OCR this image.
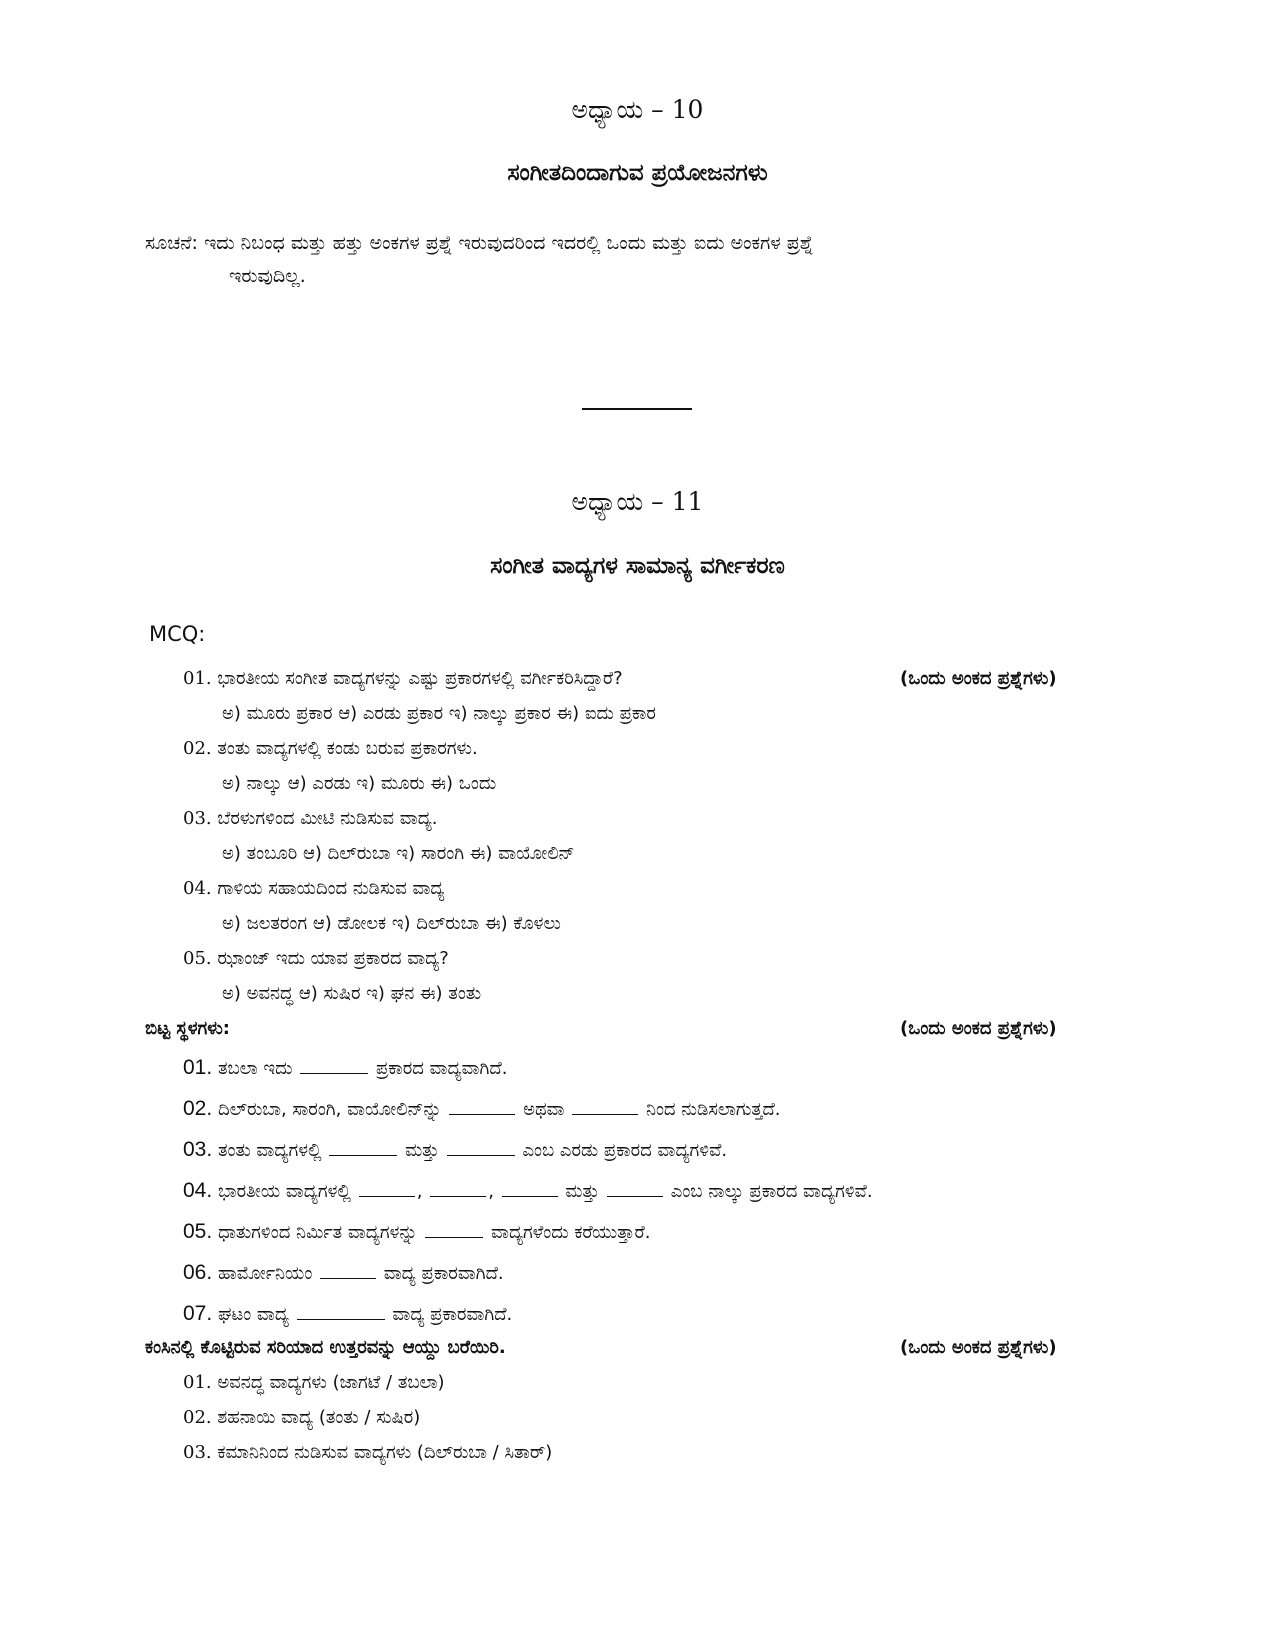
ಅಧ್ಯಾಯ – 10
ಸಂಗೀತದಿಂದಾಗುವ ಪ್ರಯೋಜನಗಳು
ಸೂಚನೆ: ಇದು ನಿಬಂಧ ಮತ್ತು ಹತ್ತು ಅಂಕಗಳ ಪ್ರಶ್ನೆ ಇರುವುದರಿಂದ ಇದರಲ್ಲಿ ಒಂದು ಮತ್ತು ಐದು ಅಂಕಗಳ ಪ್ರಶ್ನೆ
ಇರುವುದಿಲ್ಲ.
ಅಧ್ಯಾಯ – 11
ಸಂಗೀತ ವಾದ್ಯಗಳ ಸಾಮಾನ್ಯ ವರ್ಗೀಕರಣ
MCQ:
01. ಭಾರತೀಯ ಸಂಗೀತ ವಾದ್ಯಗಳನ್ನು ಎಷ್ಟು ಪ್ರಕಾರಗಳಲ್ಲಿ ವರ್ಗೀಕರಿಸಿದ್ದಾರೆ?	(ಒಂದು ಅಂಕದ ಪ್ರಶ್ನೆಗಳು)
ಅ) ಮೂರು ಪ್ರಕಾರ ಆ) ಎರಡು ಪ್ರಕಾರ ಇ) ನಾಲ್ಕು ಪ್ರಕಾರ ಈ) ಐದು ಪ್ರಕಾರ
02. ತಂತು ವಾದ್ಯಗಳಲ್ಲಿ ಕಂಡು ಬರುವ ಪ್ರಕಾರಗಳು.
ಅ) ನಾಲ್ಕು ಆ) ಎರಡು ಇ) ಮೂರು ಈ) ಒಂದು
03. ಬೆರಳುಗಳಿಂದ ಮೀಟಿ ನುಡಿಸುವ ವಾದ್ಯ.
ಅ) ತಂಬೂರಿ ಆ) ದಿಲ್‌ರುಬಾ ಇ) ಸಾರಂಗಿ ಈ) ವಾಯೋಲಿನ್
04. ಗಾಳಿಯ ಸಹಾಯದಿಂದ ನುಡಿಸುವ ವಾದ್ಯ
ಅ) ಜಲತರಂಗ ಆ) ಡೋಲಕ ಇ) ದಿಲ್‌ರುಬಾ ಈ) ಕೊಳಲು
05. ಝಾಂಜ್ ಇದು ಯಾವ ಪ್ರಕಾರದ ವಾದ್ಯ?
ಅ) ಅವನದ್ಧ ಆ) ಸುಷಿರ ಇ) ಘನ ಈ) ತಂತು
ಬಿಟ್ಟ ಸ್ಥಳಗಳು:	(ಒಂದು ಅಂಕದ ಪ್ರಶ್ನೆಗಳು)
01. ತಬಲಾ ಇದು	ಪ್ರಕಾರದ ವಾದ್ಯವಾಗಿದೆ.
02. ದಿಲ್‌ರುಬಾ, ಸಾರಂಗಿ, ವಾಯೋಲಿನ್‌ನ್ನು	ಅಥವಾ	ನಿಂದ ನುಡಿಸಲಾಗುತ್ತದೆ.
03. ತಂತು ವಾದ್ಯಗಳಲ್ಲಿ	ಮತ್ತು	ಎಂಬ ಎರಡು ಪ್ರಕಾರದ ವಾದ್ಯಗಳಿವೆ.
04. ಭಾರತೀಯ ವಾದ್ಯಗಳಲ್ಲಿ	,	,	ಮತ್ತು	ಎಂಬ ನಾಲ್ಕು ಪ್ರಕಾರದ ವಾದ್ಯಗಳಿವೆ.
05. ಧಾತುಗಳಿಂದ ನಿರ್ಮಿತ ವಾದ್ಯಗಳನ್ನು	ವಾದ್ಯಗಳೆಂದು ಕರೆಯುತ್ತಾರೆ.
06. ಹಾರ್ಮೋನಿಯಂ	ವಾದ್ಯ ಪ್ರಕಾರವಾಗಿದೆ.
07. ಘಟಂ ವಾದ್ಯ	ವಾದ್ಯ ಪ್ರಕಾರವಾಗಿದೆ.
ಕಂಸಿನಲ್ಲಿ ಕೊಟ್ಟಿರುವ ಸರಿಯಾದ ಉತ್ತರವನ್ನು ಆಯ್ದು ಬರೆಯಿರಿ.	(ಒಂದು ಅಂಕದ ಪ್ರಶ್ನೆಗಳು)
01. ಅವನದ್ಧ ವಾದ್ಯಗಳು (ಜಾಗಟೆ / ತಬಲಾ)
02. ಶಹನಾಯಿ ವಾದ್ಯ (ತಂತು / ಸುಷಿರ)
03. ಕಮಾನಿನಿಂದ ನುಡಿಸುವ ವಾದ್ಯಗಳು (ದಿಲ್‌ರುಬಾ / ಸಿತಾರ್)
